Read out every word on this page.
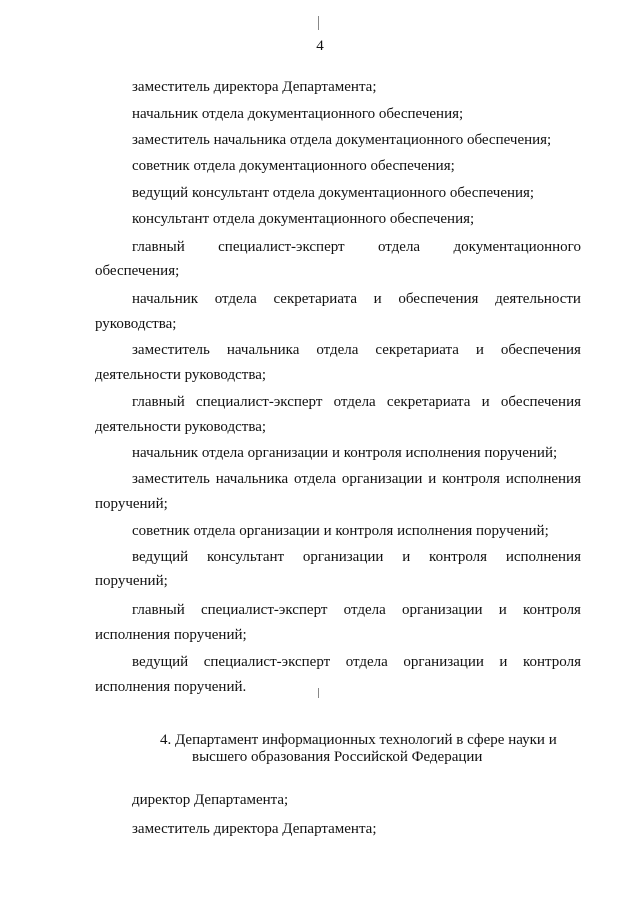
4
заместитель директора Департамента;
начальник отдела документационного обеспечения;
заместитель начальника отдела документационного обеспечения;
советник отдела документационного обеспечения;
ведущий консультант отдела документационного обеспечения;
консультант отдела документационного обеспечения;
главный специалист-эксперт отдела документационного
обеспечения;
начальник отдела секретариата и обеспечения деятельности
руководства;
заместитель начальника отдела секретариата и обеспечения
деятельности руководства;
главный специалист-эксперт отдела секретариата и обеспечения
деятельности руководства;
начальник отдела организации и контроля исполнения поручений;
заместитель начальника отдела организации и контроля исполнения
поручений;
советник отдела организации и контроля исполнения поручений;
ведущий консультант организации и контроля исполнения
поручений;
главный специалист-эксперт отдела организации и контроля
исполнения поручений;
ведущий специалист-эксперт отдела организации и контроля
исполнения поручений.
4. Департамент информационных технологий в сфере науки и
высшего образования Российской Федерации
директор Департамента;
заместитель директора Департамента;
